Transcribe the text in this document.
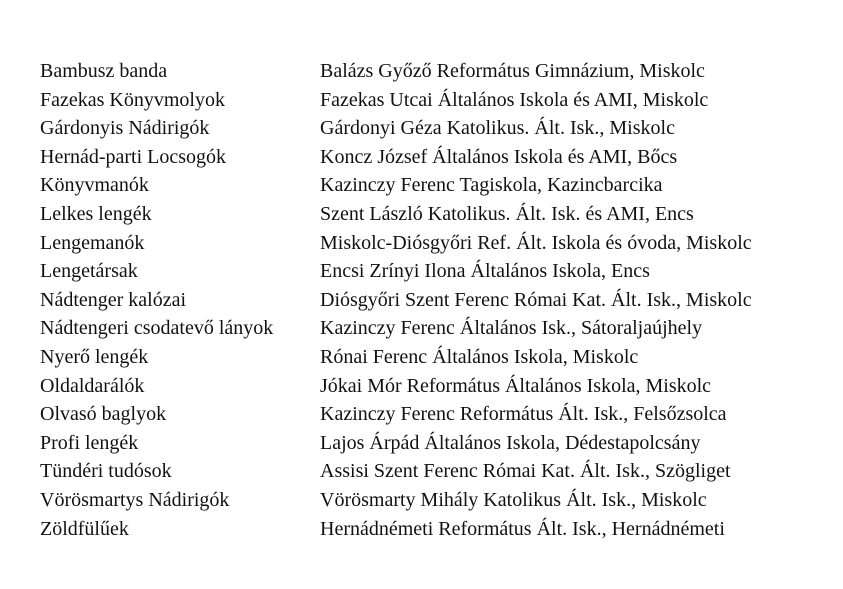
Bambusz banda	Balázs Győző Református Gimnázium, Miskolc
Fazekas Könyvmolyok	Fazekas Utcai Általános Iskola és AMI, Miskolc
Gárdonyis Nádirigók	Gárdonyi Géza Katolikus. Ált. Isk., Miskolc
Hernád-parti Locsogók	Koncz József Általános Iskola és AMI, Bőcs
Könyvmanók	Kazinczy Ferenc Tagiskola, Kazincbarcika
Lelkes lengék	Szent László Katolikus. Ált. Isk. és AMI, Encs
Lengemanók	Miskolc-Diósgyőri Ref. Ált. Iskola és óvoda, Miskolc
Lengetársak	Encsi Zrínyi Ilona Általános Iskola, Encs
Nádtenger kalózai	Diósgyőri Szent Ferenc Római Kat. Ált. Isk., Miskolc
Nádtengeri csodatevő lányok	Kazinczy Ferenc Általános Isk., Sátoraljaújhely
Nyerő lengék	Rónai Ferenc Általános Iskola, Miskolc
Oldaldarálók	Jókai Mór Református Általános Iskola, Miskolc
Olvasó baglyok	Kazinczy Ferenc Református Ált. Isk., Felsőzsolca
Profi lengék	Lajos Árpád Általános Iskola, Dédestapolcsány
Tündéri tudósok	Assisi Szent Ferenc Római Kat. Ált. Isk., Szögliget
Vörösmartys Nádirigók	Vörösmarty Mihály Katolikus Ált. Isk., Miskolc
Zöldfülűek	Hernádnémeti Református Ált. Isk., Hernádnémeti
